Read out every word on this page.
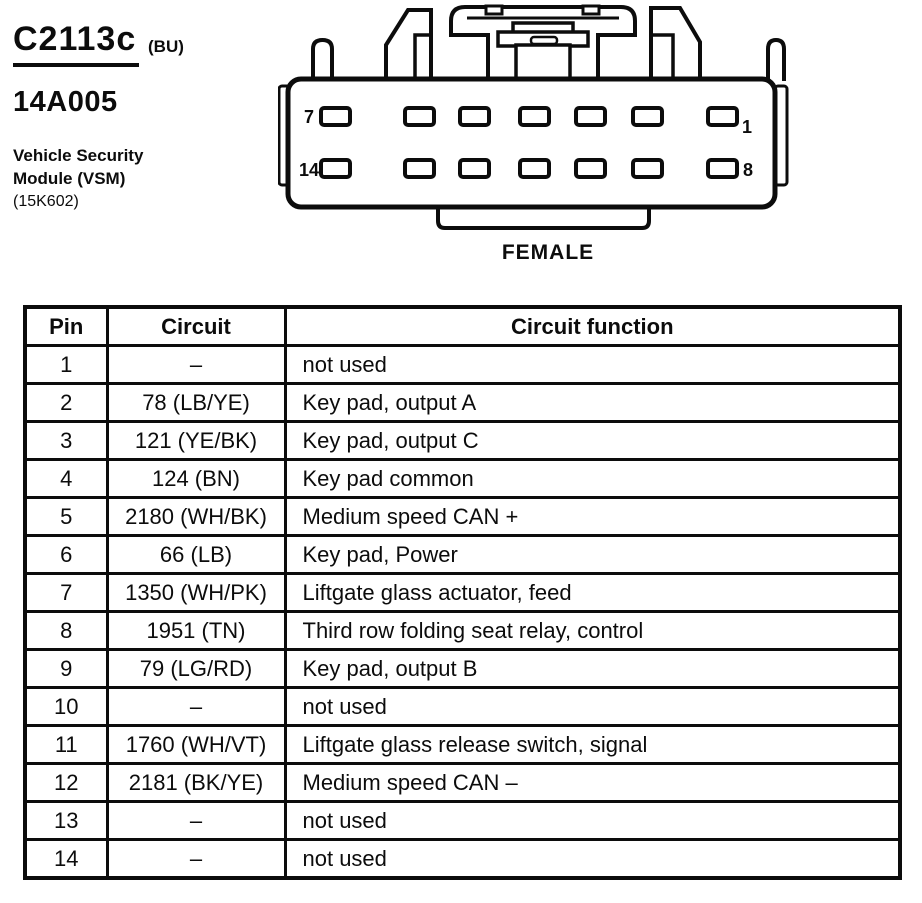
C2113c (BU)
14A005
Vehicle Security
Module (VSM)
(15K602)
7	1
14	8
FEMALE
Pin	Circuit	Circuit function
1	–	not used
2	78 (LB/YE)	Key pad, output A
3	121 (YE/BK)	Key pad, output C
4	124 (BN)	Key pad common
5	2180 (WH/BK)	Medium speed CAN +
6	66 (LB)	Key pad, Power
7	1350 (WH/PK)	Liftgate glass actuator, feed
8	1951 (TN)	Third row folding seat relay, control
9	79 (LG/RD)	Key pad, output B
10	–	not used
11	1760 (WH/VT)	Liftgate glass release switch, signal
12	2181 (BK/YE)	Medium speed CAN –
13	–	not used
14	–	not used
